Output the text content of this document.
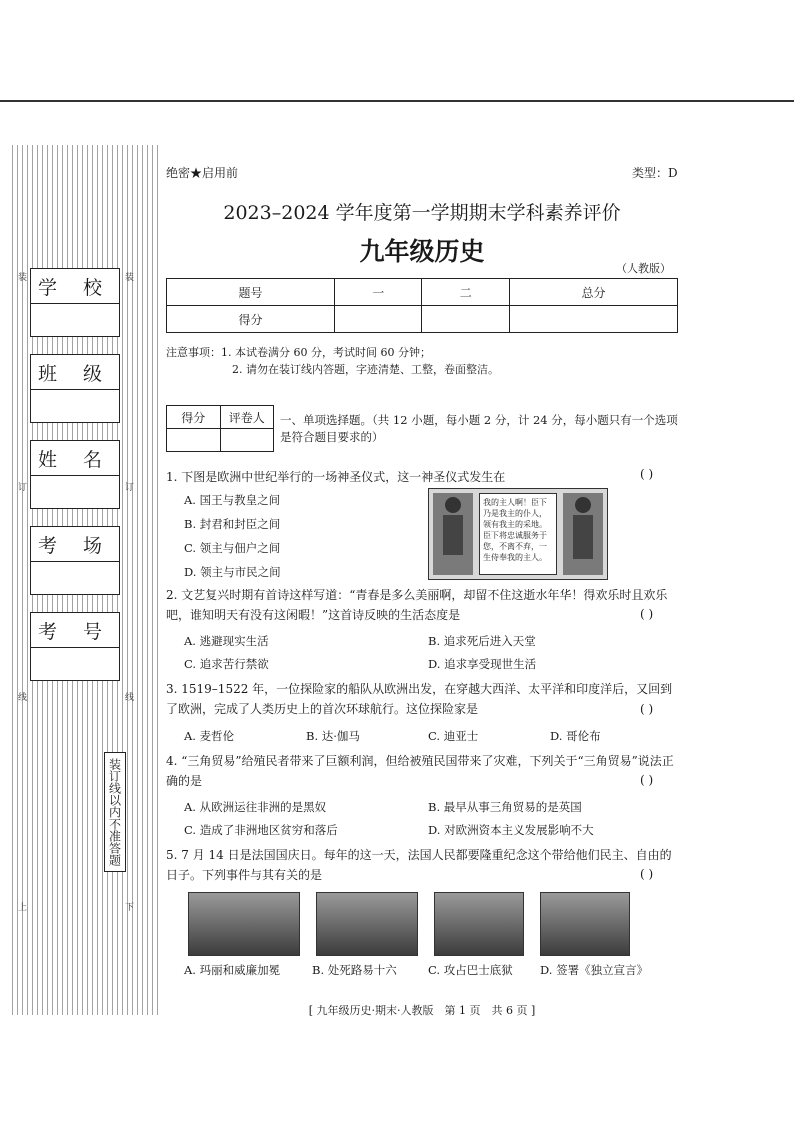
装	装
订	订
线	线
上	下
学 校
班 级
姓 名
考 场
考 号
装订线以内不准答题
绝密★启用前	类型：D
2023–2024 学年度第一学期期末学科素养评价
九年级历史
（人教版）
题号	一	二	总分
得分			
注意事项：1. 本试卷满分 60 分，考试时间 60 分钟；
2. 请勿在装订线内答题，字迹清楚、工整，卷面整洁。
得分	评卷人
	一、单项选择题。（共 12 小题，每小题 2 分，计 24 分，每小题只有一个选项是符合题目要求的）
1. 下图是欧洲中世纪举行的一场神圣仪式，这一神圣仪式发生在	( )
A. 国王与教皇之间
B. 封君和封臣之间
C. 领主与佃户之间
D. 领主与市民之间
我的主人啊！臣下乃是我主的仆人，领有我主的采地。臣下将忠诚服务于您，不离不弃，一生侍奉我的主人。
2. 文艺复兴时期有首诗这样写道：“青春是多么美丽啊，却留不住这逝水年华！得欢乐时且欢乐吧，谁知明天有没有这闲暇！”这首诗反映的生活态度是	( )
A. 逃避现实生活	B. 追求死后进入天堂
C. 追求苦行禁欲	D. 追求享受现世生活
3. 1519–1522 年，一位探险家的船队从欧洲出发，在穿越大西洋、太平洋和印度洋后，又回到了欧洲，完成了人类历史上的首次环球航行。这位探险家是	( )
A. 麦哲伦	B. 达·伽马	C. 迪亚士	D. 哥伦布
4. “三角贸易”给殖民者带来了巨额利润，但给被殖民国带来了灾难，下列关于“三角贸易”说法正确的是	( )
A. 从欧洲运往非洲的是黑奴	B. 最早从事三角贸易的是英国
C. 造成了非洲地区贫穷和落后	D. 对欧洲资本主义发展影响不大
5. 7 月 14 日是法国国庆日。每年的这一天，法国人民都要隆重纪念这个带给他们民主、自由的日子。下列事件与其有关的是	( )
A. 玛丽和威廉加冕	B. 处死路易十六	C. 攻占巴士底狱 D. 签署《独立宣言》
[ 九年级历史·期末·人教版　第 1 页　共 6 页 ]
